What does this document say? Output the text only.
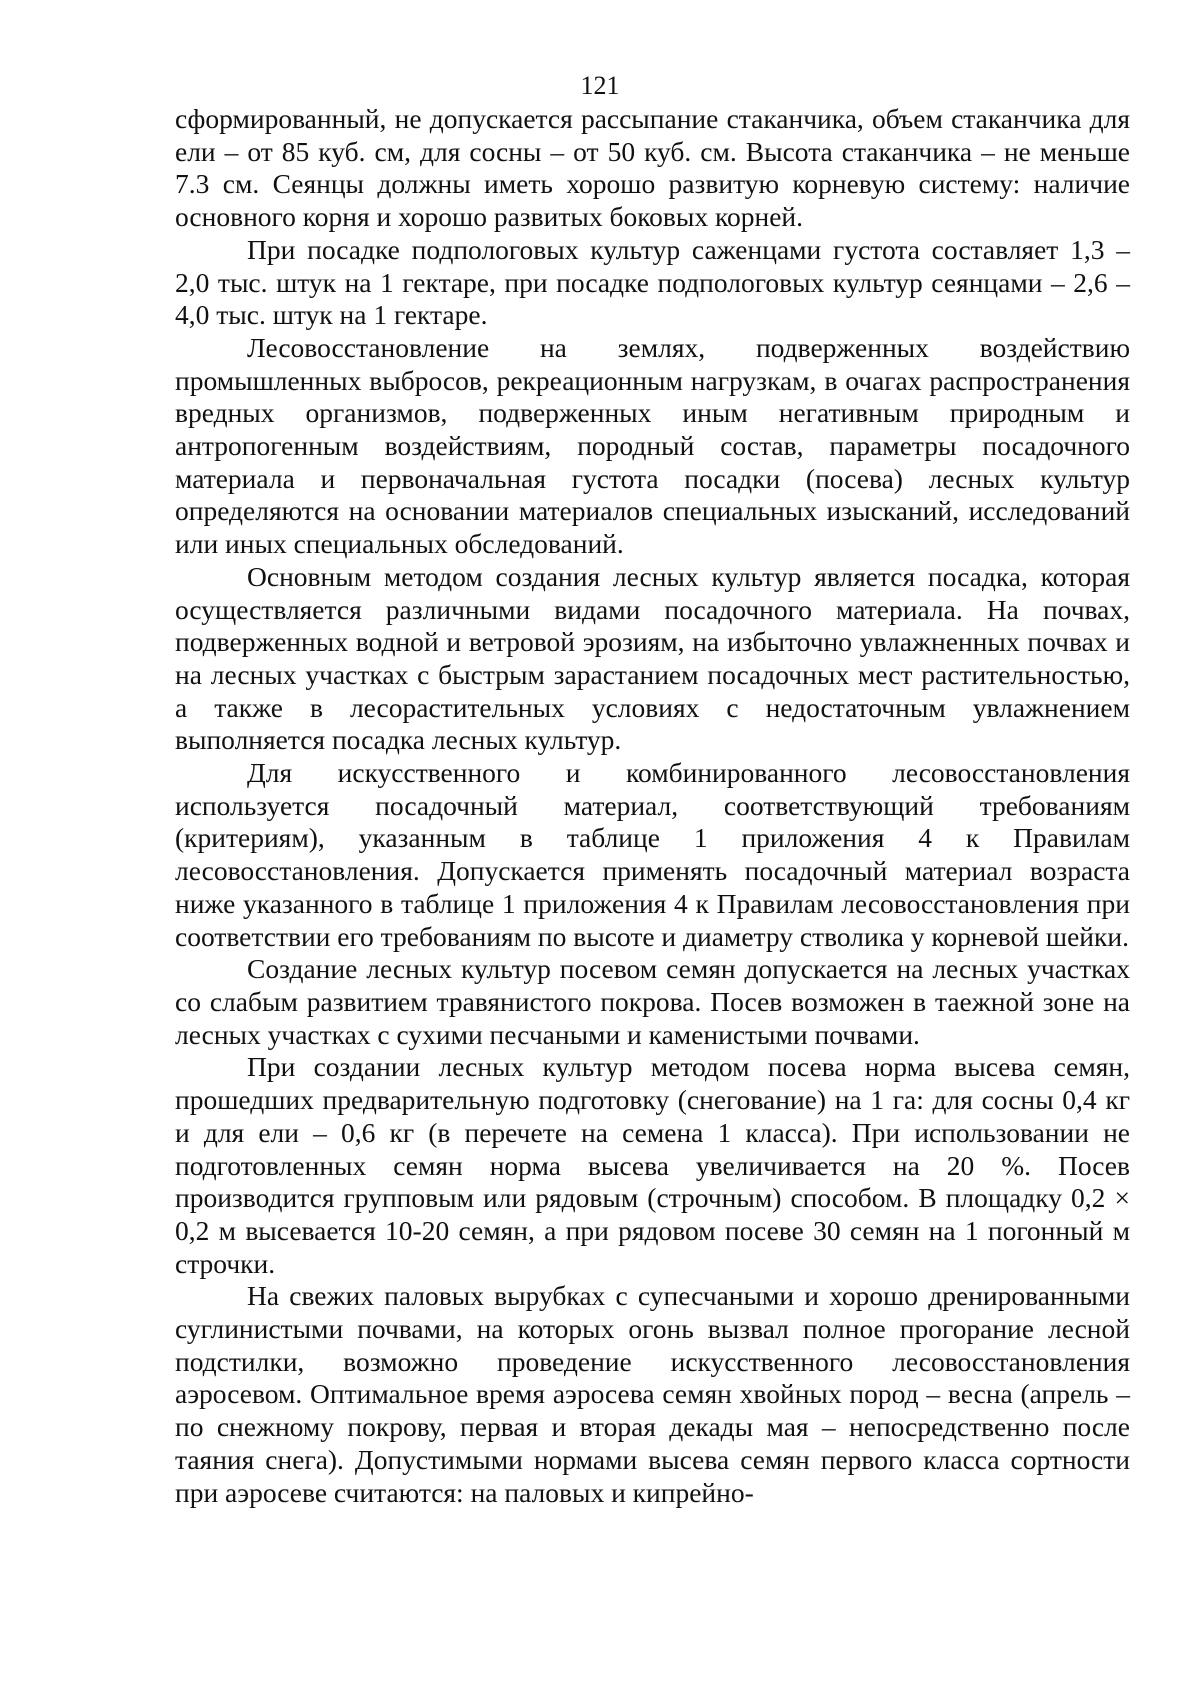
121

сформированный, не допускается рассыпание стаканчика, объем стаканчика для ели – от 85 куб. см, для сосны – от 50 куб. см. Высота стаканчика – не меньше 7.3 см. Сеянцы должны иметь хорошо развитую корневую систему: наличие основного корня и хорошо развитых боковых корней.

При посадке подпологовых культур саженцами густота составляет 1,3 – 2,0 тыс. штук на 1 гектаре, при посадке подпологовых культур сеянцами – 2,6 – 4,0 тыс. штук на 1 гектаре.

Лесовосстановление на землях, подверженных воздействию промышленных выбросов, рекреационным нагрузкам, в очагах распространения вредных организмов, подверженных иным негативным природным и антропогенным воздействиям, породный состав, параметры посадочного материала и первоначальная густота посадки (посева) лесных культур определяются на основании материалов специальных изысканий, исследований или иных специальных обследований.

Основным методом создания лесных культур является посадка, которая осуществляется различными видами посадочного материала. На почвах, подверженных водной и ветровой эрозиям, на избыточно увлажненных почвах и на лесных участках с быстрым зарастанием посадочных мест растительностью, а также в лесорастительных условиях с недостаточным увлажнением выполняется посадка лесных культур.

Для искусственного и комбинированного лесовосстановления используется посадочный материал, соответствующий требованиям (критериям), указанным в таблице 1 приложения 4 к Правилам лесовосстановления. Допускается применять посадочный материал возраста ниже указанного в таблице 1 приложения 4 к Правилам лесовосстановления при соответствии его требованиям по высоте и диаметру стволика у корневой шейки.

Создание лесных культур посевом семян допускается на лесных участках со слабым развитием травянистого покрова. Посев возможен в таежной зоне на лесных участках с сухими песчаными и каменистыми почвами.

При создании лесных культур методом посева норма высева семян, прошедших предварительную подготовку (снегование) на 1 га: для сосны 0,4 кг и для ели – 0,6 кг (в перечете на семена 1 класса). При использовании не подготовленных семян норма высева увеличивается на 20 %. Посев производится групповым или рядовым (строчным) способом. В площадку 0,2 × 0,2 м высевается 10-20 семян, а при рядовом посеве 30 семян на 1 погонный м строчки.

На свежих паловых вырубках с супесчаными и хорошо дренированными суглинистыми почвами, на которых огонь вызвал полное прогорание лесной подстилки, возможно проведение искусственного лесовосстановления аэросевом. Оптимальное время аэросева семян хвойных пород – весна (апрель – по снежному покрову, первая и вторая декады мая – непосредственно после таяния снега). Допустимыми нормами высева семян первого класса сортности при аэросеве считаются: на паловых и кипрейно-
